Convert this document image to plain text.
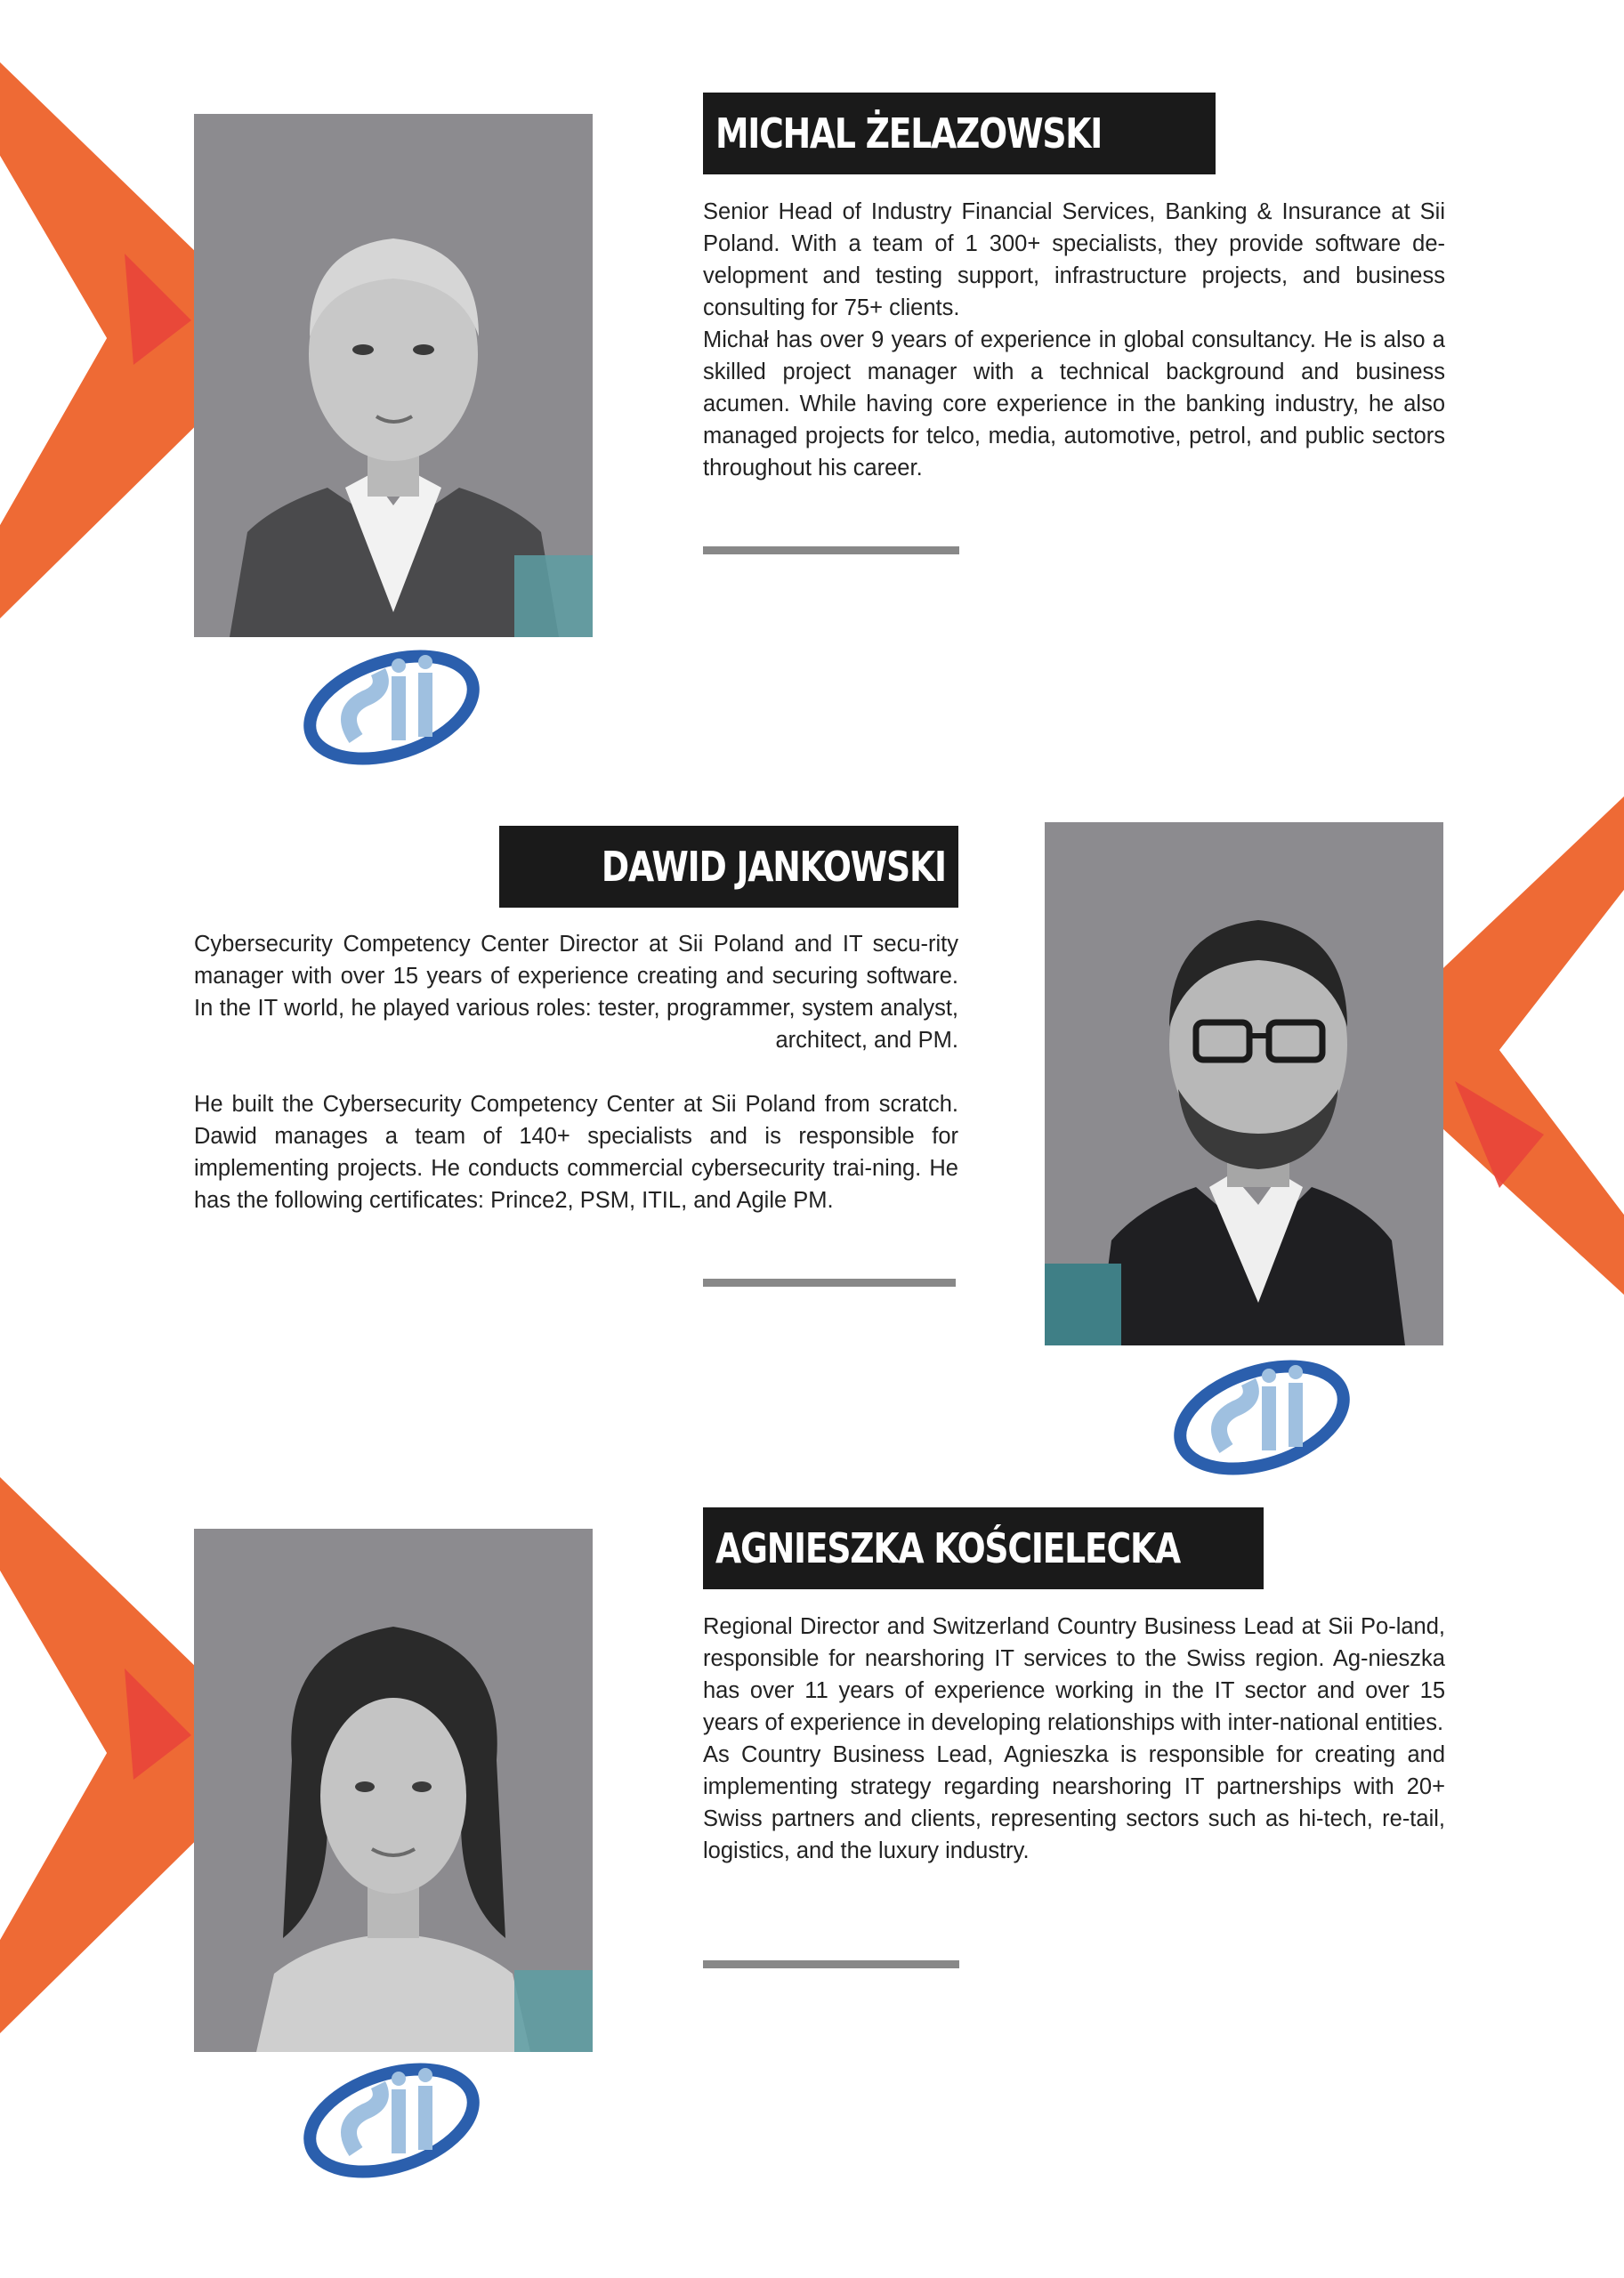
MICHAL ŻELAZOWSKI

Senior Head of Industry Financial Services, Banking & Insurance at Sii Poland. With a team of 1 300+ specialists, they provide software de-velopment and testing support, infrastructure projects, and business consulting for 75+ clients.

Michał has over 9 years of experience in global consultancy. He is also a skilled project manager with a technical background and business acumen. While having core experience in the banking industry, he also managed projects for telco, media, automotive, petrol, and public sectors throughout his career.

DAWID JANKOWSKI

Cybersecurity Competency Center Director at Sii Poland and IT secu-rity manager with over 15 years of experience creating and securing software. In the IT world, he played various roles: tester, programmer, system analyst, architect, and PM.

He built the Cybersecurity Competency Center at Sii Poland from scratch. Dawid manages a team of 140+ specialists and is responsible for implementing projects. He conducts commercial cybersecurity trai-ning. He has the following certificates: Prince2, PSM, ITIL, and Agile PM.

AGNIESZKA KOŚCIELECKA

Regional Director and Switzerland Country Business Lead at Sii Po-land, responsible for nearshoring IT services to the Swiss region. Ag-nieszka has over 11 years of experience working in the IT sector and over 15 years of experience in developing relationships with inter-national entities.

As Country Business Lead, Agnieszka is responsible for creating and implementing strategy regarding nearshoring IT partnerships with 20+ Swiss partners and clients, representing sectors such as hi-tech, re-tail, logistics, and the luxury industry.
